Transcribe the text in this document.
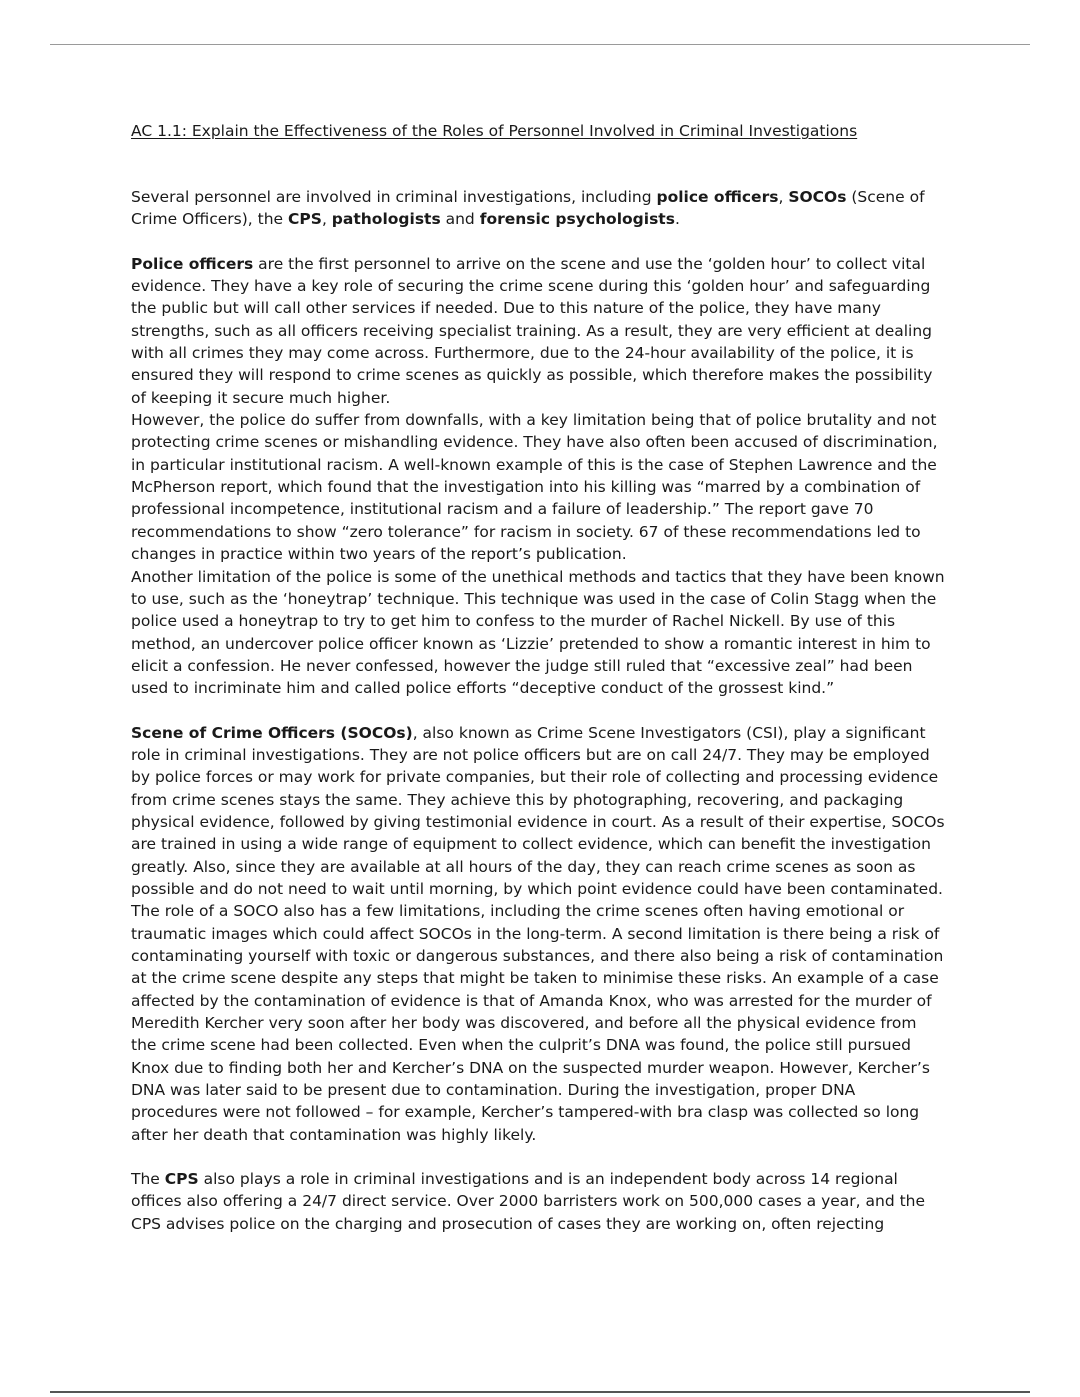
AC 1.1: Explain the Effectiveness of the Roles of Personnel Involved in Criminal Investigations

Several personnel are involved in criminal investigations, including police officers, SOCOs (Scene of Crime Officers), the CPS, pathologists and forensic psychologists.

Police officers are the first personnel to arrive on the scene and use the ‘golden hour’ to collect vital evidence. They have a key role of securing the crime scene during this ‘golden hour’ and safeguarding the public but will call other services if needed. Due to this nature of the police, they have many strengths, such as all officers receiving specialist training. As a result, they are very efficient at dealing with all crimes they may come across. Furthermore, due to the 24-hour availability of the police, it is ensured they will respond to crime scenes as quickly as possible, which therefore makes the possibility of keeping it secure much higher.

However, the police do suffer from downfalls, with a key limitation being that of police brutality and not protecting crime scenes or mishandling evidence. They have also often been accused of discrimination, in particular institutional racism. A well-known example of this is the case of Stephen Lawrence and the McPherson report, which found that the investigation into his killing was “marred by a combination of professional incompetence, institutional racism and a failure of leadership.” The report gave 70 recommendations to show “zero tolerance” for racism in society. 67 of these recommendations led to changes in practice within two years of the report’s publication.

Another limitation of the police is some of the unethical methods and tactics that they have been known to use, such as the ‘honeytrap’ technique. This technique was used in the case of Colin Stagg when the police used a honeytrap to try to get him to confess to the murder of Rachel Nickell. By use of this method, an undercover police officer known as ‘Lizzie’ pretended to show a romantic interest in him to elicit a confession. He never confessed, however the judge still ruled that “excessive zeal” had been used to incriminate him and called police efforts “deceptive conduct of the grossest kind.”

Scene of Crime Officers (SOCOs), also known as Crime Scene Investigators (CSI), play a significant role in criminal investigations. They are not police officers but are on call 24/7. They may be employed by police forces or may work for private companies, but their role of collecting and processing evidence from crime scenes stays the same. They achieve this by photographing, recovering, and packaging physical evidence, followed by giving testimonial evidence in court. As a result of their expertise, SOCOs are trained in using a wide range of equipment to collect evidence, which can benefit the investigation greatly. Also, since they are available at all hours of the day, they can reach crime scenes as soon as possible and do not need to wait until morning, by which point evidence could have been contaminated.

The role of a SOCO also has a few limitations, including the crime scenes often having emotional or traumatic images which could affect SOCOs in the long-term. A second limitation is there being a risk of contaminating yourself with toxic or dangerous substances, and there also being a risk of contamination at the crime scene despite any steps that might be taken to minimise these risks. An example of a case affected by the contamination of evidence is that of Amanda Knox, who was arrested for the murder of Meredith Kercher very soon after her body was discovered, and before all the physical evidence from the crime scene had been collected. Even when the culprit’s DNA was found, the police still pursued Knox due to finding both her and Kercher’s DNA on the suspected murder weapon. However, Kercher’s DNA was later said to be present due to contamination. During the investigation, proper DNA procedures were not followed – for example, Kercher’s tampered-with bra clasp was collected so long after her death that contamination was highly likely.

The CPS also plays a role in criminal investigations and is an independent body across 14 regional offices also offering a 24/7 direct service. Over 2000 barristers work on 500,000 cases a year, and the CPS advises police on the charging and prosecution of cases they are working on, often rejecting
